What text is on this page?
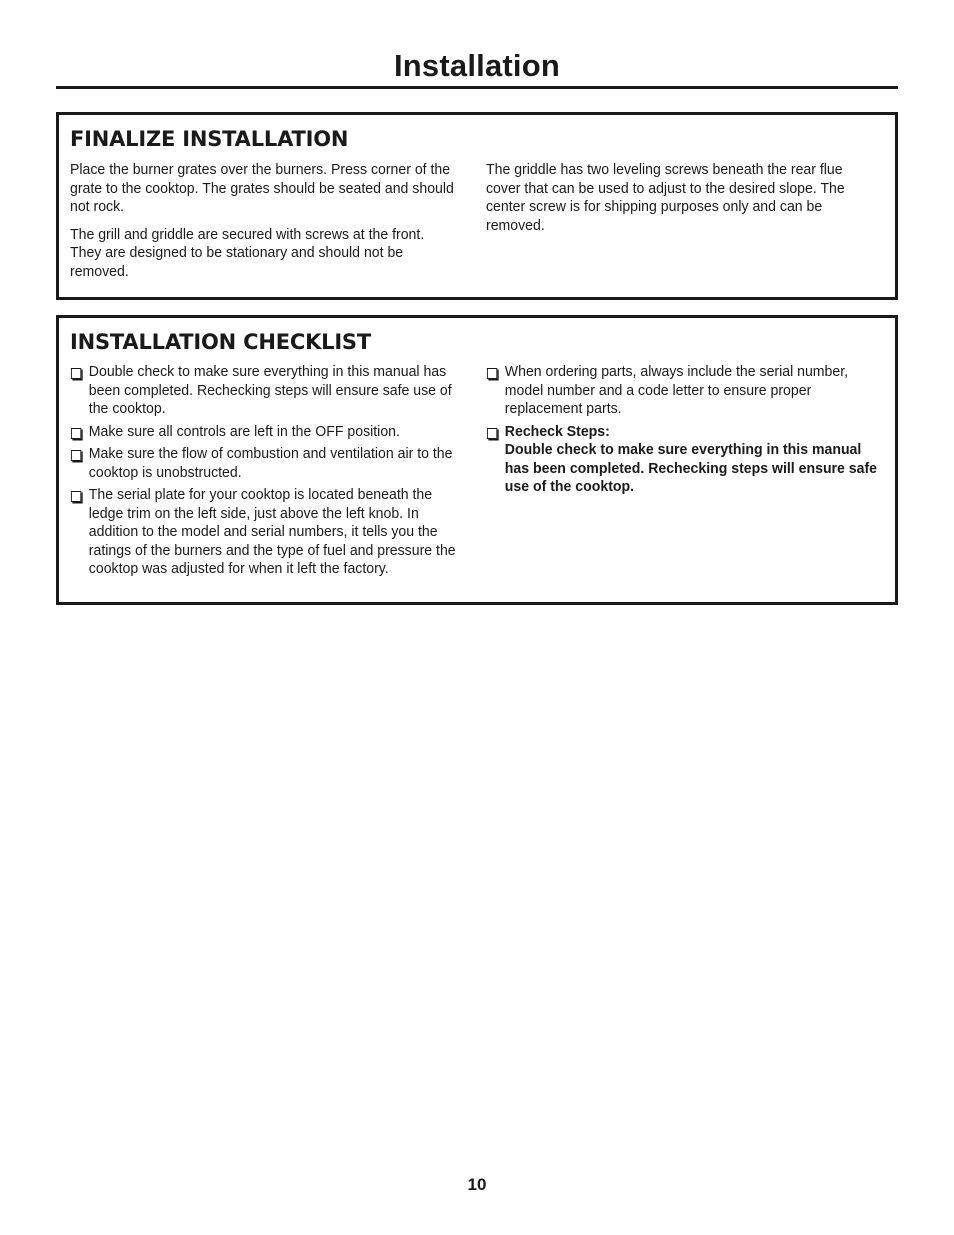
Installation
FINALIZE INSTALLATION

Place the burner grates over the burners. Press corner of the grate to the cooktop. The grates should be seated and should not rock.

The grill and griddle are secured with screws at the front. They are designed to be stationary and should not be removed.

The griddle has two leveling screws beneath the rear flue cover that can be used to adjust to the desired slope. The center screw is for shipping purposes only and can be removed.

INSTALLATION CHECKLIST
Double check to make sure everything in this manual has been completed. Rechecking steps will ensure safe use of the cooktop.
Make sure all controls are left in the OFF position.
Make sure the flow of combustion and ventilation air to the cooktop is unobstructed.
The serial plate for your cooktop is located beneath the ledge trim on the left side, just above the left knob. In addition to the model and serial numbers, it tells you the ratings of the burners and the type of fuel and pressure the cooktop was adjusted for when it left the factory.
When ordering parts, always include the serial number, model number and a code letter to ensure proper replacement parts.
Recheck Steps:
Double check to make sure everything in this manual has been completed. Rechecking steps will ensure safe use of the cooktop.
10
